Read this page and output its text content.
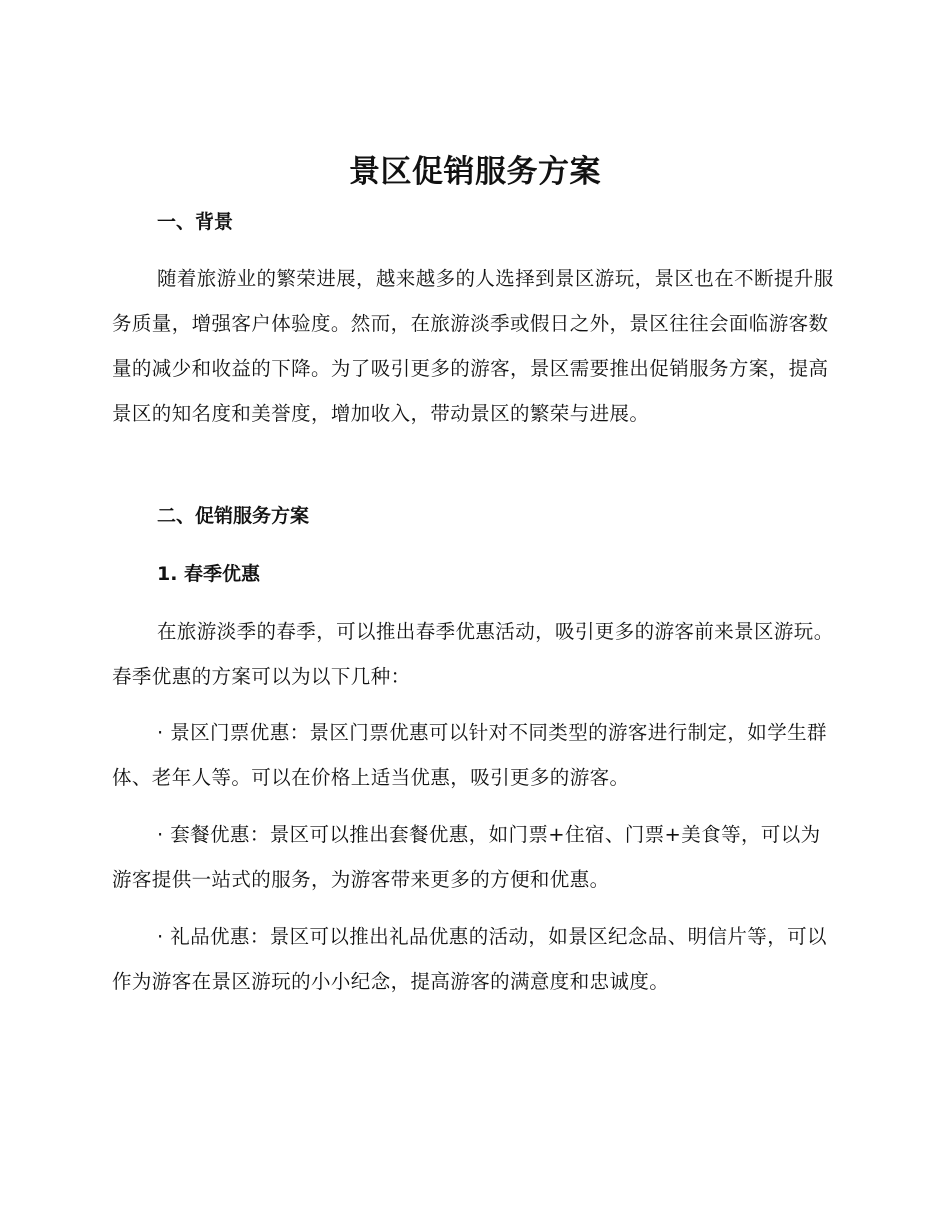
景区促销服务方案
一、背景

随着旅游业的繁荣进展，越来越多的人选择到景区游玩，景区也在不断提升服务质量，增强客户体验度。然而，在旅游淡季或假日之外，景区往往会面临游客数量的减少和收益的下降。为了吸引更多的游客，景区需要推出促销服务方案，提高景区的知名度和美誉度，增加收入，带动景区的繁荣与进展。

二、促销服务方案
1. 春季优惠

在旅游淡季的春季，可以推出春季优惠活动，吸引更多的游客前来景区游玩。春季优惠的方案可以为以下几种：

· 景区门票优惠：景区门票优惠可以针对不同类型的游客进行制定，如学生群体、老年人等。可以在价格上适当优惠，吸引更多的游客。

· 套餐优惠：景区可以推出套餐优惠，如门票+住宿、门票+美食等，可以为游客提供一站式的服务，为游客带来更多的方便和优惠。

· 礼品优惠：景区可以推出礼品优惠的活动，如景区纪念品、明信片等，可以作为游客在景区游玩的小小纪念，提高游客的满意度和忠诚度。
